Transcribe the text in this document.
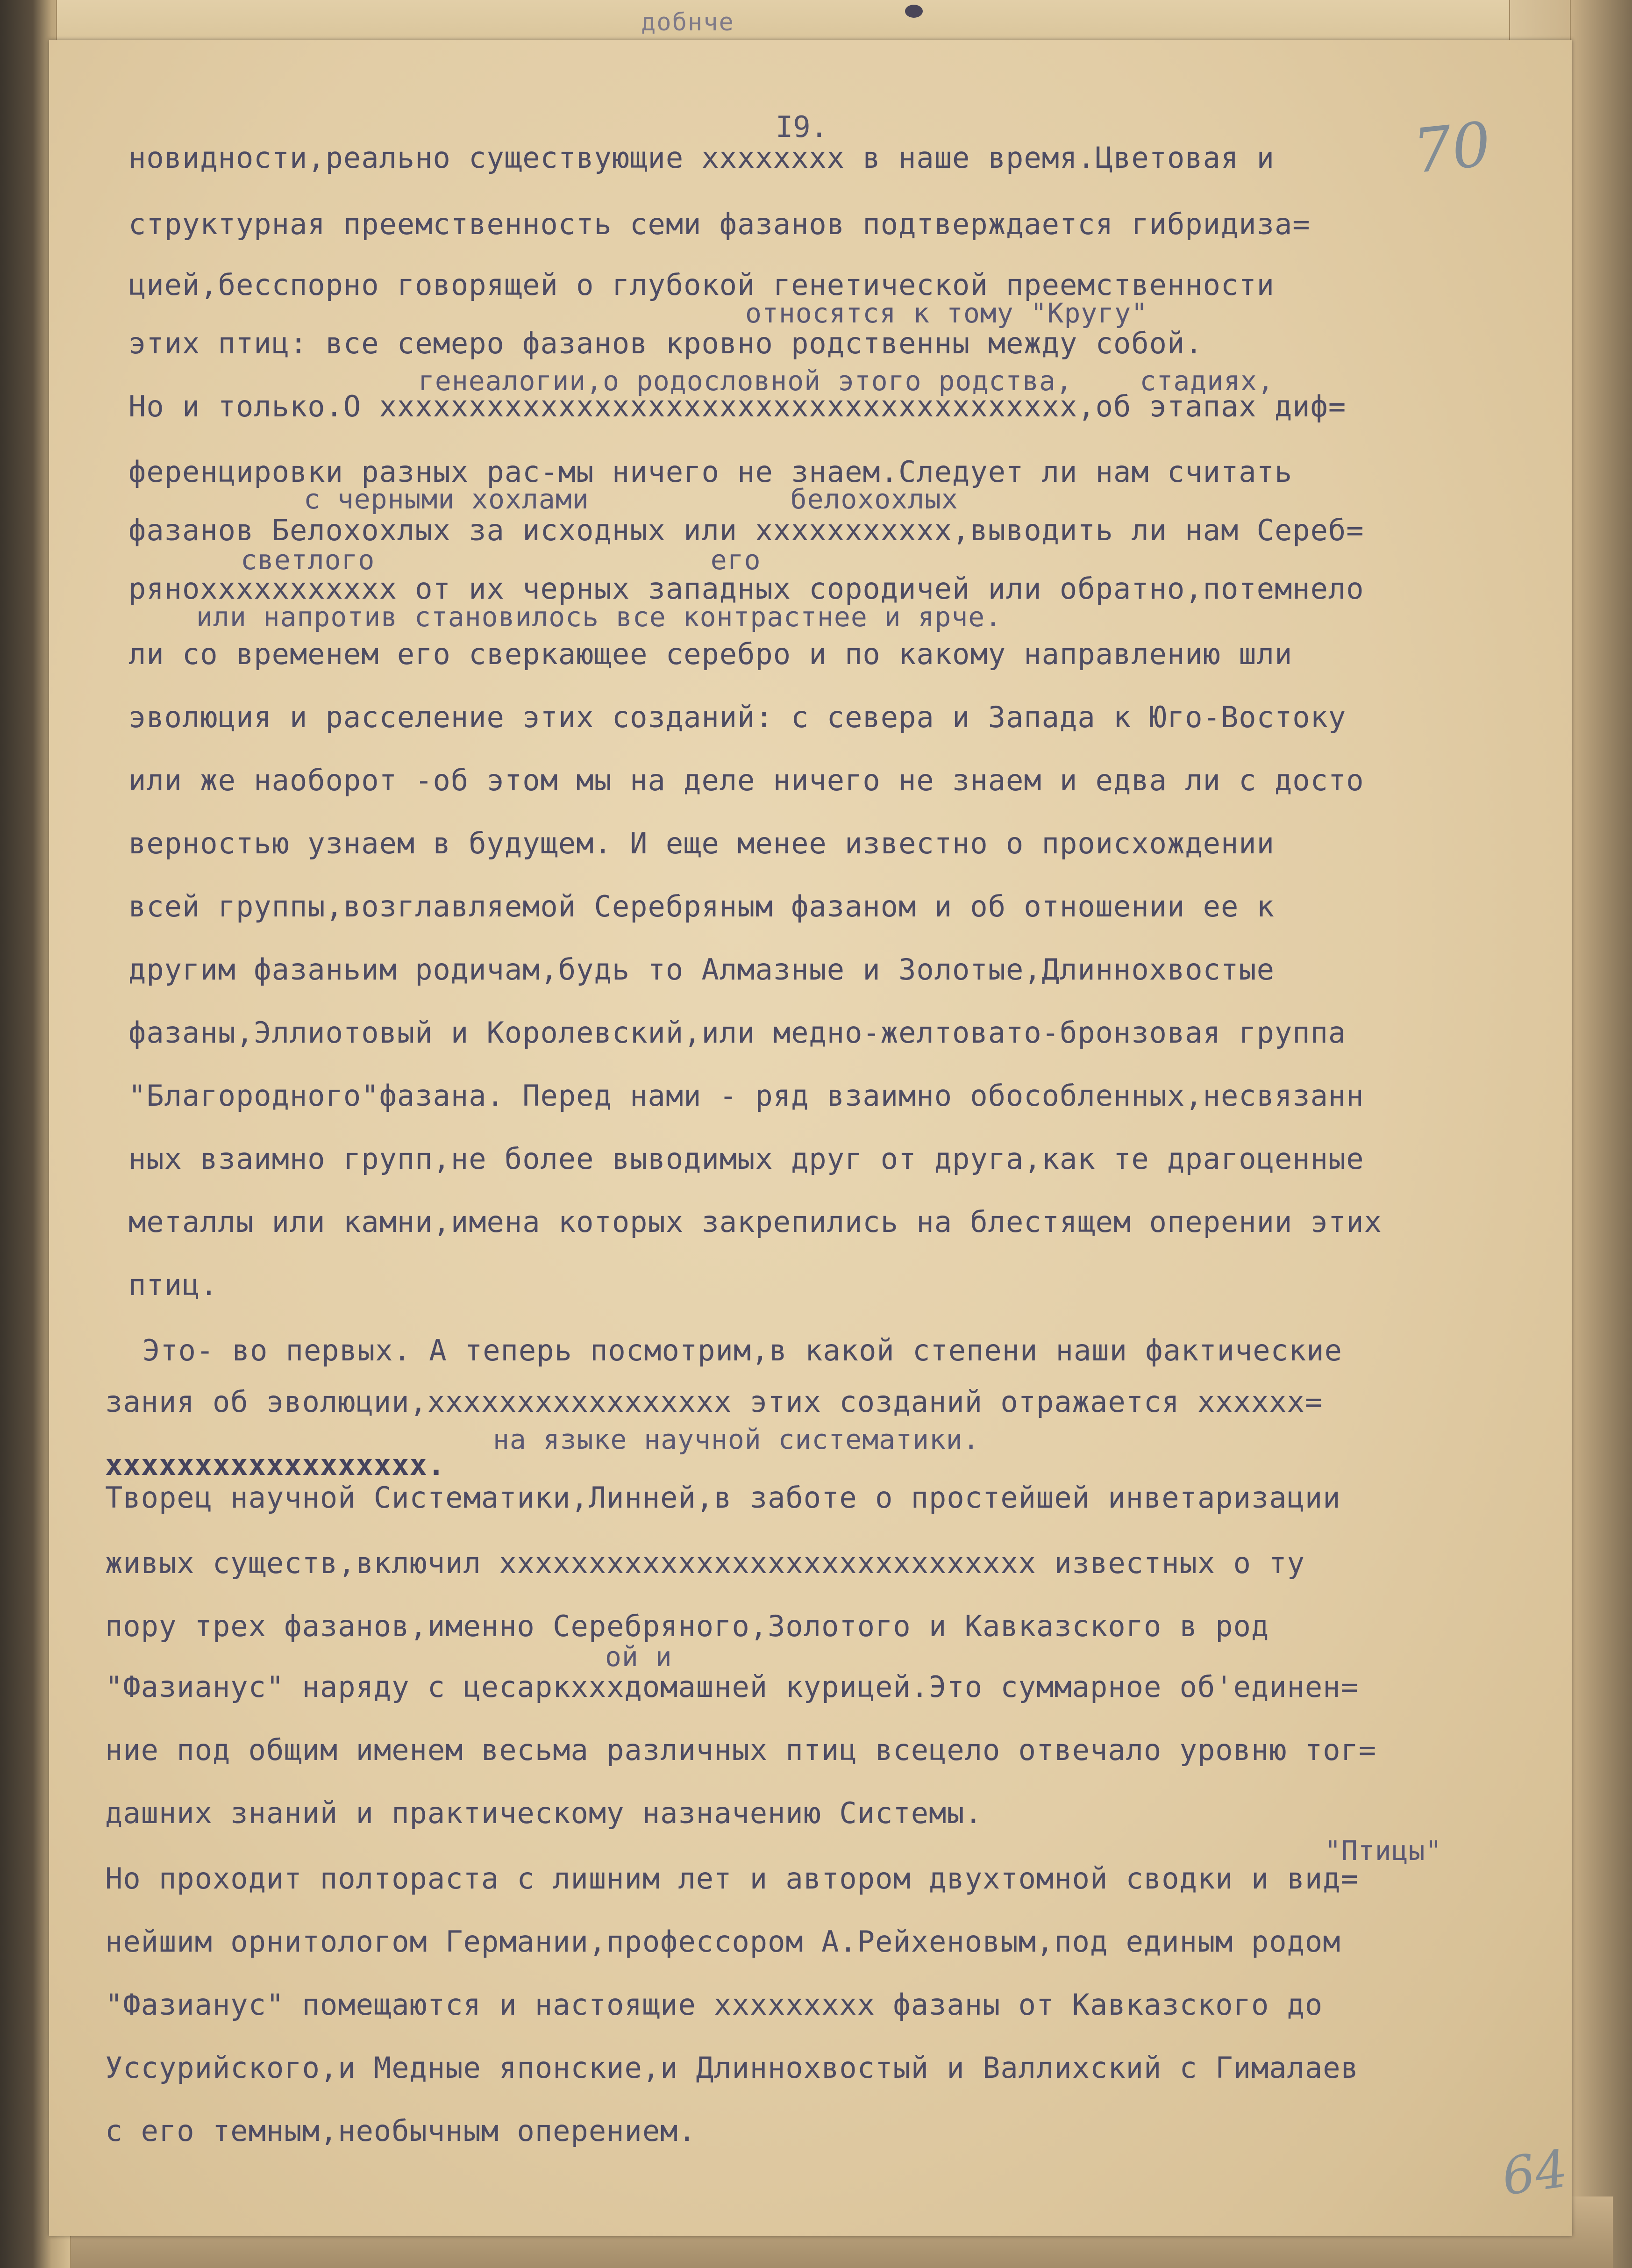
добнче
I9.	70
новидности,реально существующие хххххххх в наше время.Цветовая и
структурная преемственность семи фазанов подтверждается гибридиза=
цией,бесспорно говорящей о глубокой генетической преемственности
относятся к тому "Кругу"
этих птиц: все семеро фазанов кровно родственны между собой.
генеалогии,о родословной этого родства,    стадиях,
Но и только.О ххххххххххххххххххххххххххххххххххххххх,об этапах диф=
ференцировки разных рас-мы ничего не знаем.Следует ли нам считать
с черными хохлами            белохохлых
фазанов Белохохлых за исходных или ххххххххххх,выводить ли нам Сереб=
светлого                    его
ряноххххххххххх от их черных западных сородичей или обратно,потемнело
или напротив становилось все контрастнее и ярче.
ли со временем его сверкающее серебро и по какому направлению шли
эволюция и расселение этих созданий: с севера и Запада к Юго-Востоку
или же наоборот -об этом мы на деле ничего не знаем и едва ли с досто
верностью узнаем в будущем. И еще менее известно о происхождении
всей группы,возглавляемой Серебряным фазаном и об отношении ее к
другим фазаньим родичам,будь то Алмазные и Золотые,Длиннохвостые
фазаны,Эллиотовый и Королевский,или медно-желтовато-бронзовая группа
"Благородного"фазана. Перед нами - ряд взаимно обособленных,несвязанн
ных взаимно групп,не более выводимых друг от друга,как те драгоценные
металлы или камни,имена которых закрепились на блестящем оперении этих
птиц.
Это- во первых. А теперь посмотрим,в какой степени наши фактические
зания об эволюции,ххххххххххххххххх этих созданий отражается хххххх=
на языке научной систематики.
хххххххххххххххххх.
Творец научной Систематики,Линней,в заботе о простейшей инветаризации
живых существ,включил хххххххххххххххххххххххххххххх известных о ту
пору трех фазанов,именно Серебряного,Золотого и Кавказского в род
ой и
"Фазианус" наряду с цесаркхххдомашней курицей.Это суммарное об'единен=
ние под общим именем весьма различных птиц всецело отвечало уровню тог=
дашних знаний и практическому назначению Системы.
"Птицы"
Но проходит полтораста с лишним лет и автором двухтомной сводки и вид=
нейшим орнитологом Германии,профессором А.Рейхеновым,под единым родом
"Фазианус" помещаются и настоящие ххххххххх фазаны от Кавказского до
Уссурийского,и Медные японские,и Длиннохвостый и Валлихский с Гималаев
с его темным,необычным оперением.
64
